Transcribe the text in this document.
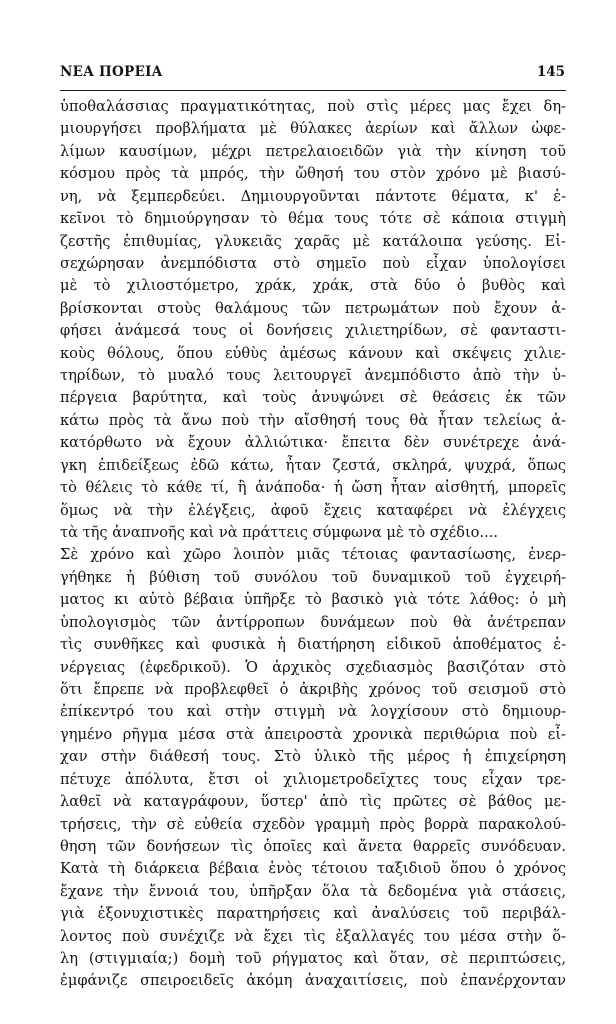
ΝΕΑ ΠΟΡΕΙΑ	145
ὑποθαλάσσιας πραγματικότητας, ποὺ στὶς μέρες μας ἔχει δη-
μιουργήσει προβλήματα μὲ θύλακες ἀερίων καὶ ἄλλων ὠφε-
λίμων καυσίμων, μέχρι πετρελαιοειδῶν γιὰ τὴν κίνηση τοῦ
κόσμου πρὸς τὰ μπρός, τὴν ὤθησή του στὸν χρόνο μὲ βιασύ-
νη, νὰ ξεμπερδεύει. Δημιουργοῦνται πάντοτε θέματα, κ' ἐ-
κεῖνοι τὸ δημιούργησαν τὸ θέμα τους τότε σὲ κάποια στιγμὴ
ζεστῆς ἐπιθυμίας, γλυκειᾶς χαρᾶς μὲ κατάλοιπα γεύσης. Εἰ-
σεχώρησαν ἀνεμπόδιστα στὸ σημεῖο ποὺ εἶχαν ὑπολογίσει
μὲ τὸ χιλιοστόμετρο, χράκ, χράκ, στὰ δύο ὁ βυθὸς καὶ
βρίσκονται στοὺς θαλάμους τῶν πετρωμάτων ποὺ ἔχουν ἀ-
φήσει ἀνάμεσά τους οἱ δονήσεις χιλιετηρίδων, σὲ φανταστι-
κοὺς θόλους, ὅπου εὐθὺς ἀμέσως κάνουν καὶ σκέψεις χιλιε-
τηρίδων, τὸ μυαλό τους λειτουργεῖ ἀνεμπόδιστο ἀπὸ τὴν ὑ-
πέργεια βαρύτητα, καὶ τοὺς ἀνυψώνει σὲ θεάσεις ἐκ τῶν
κάτω πρὸς τὰ ἄνω ποὺ τὴν αἴσθησή τους θὰ ἦταν τελείως ἀ-
κατόρθωτο νὰ ἔχουν ἀλλιώτικα· ἔπειτα δὲν συνέτρεχε ἀνά-
γκη ἐπιδείξεως ἐδῶ κάτω, ἦταν ζεστά, σκληρά, ψυχρά, ὅπως
τὸ θέλεις τὸ κάθε τί, ἢ ἀνάποδα· ἡ ὤση ἦταν αἰσθητή, μπορεῖς
ὅμως νὰ τὴν ἐλέγξεις, ἀφοῦ ἔχεις καταφέρει νὰ ἐλέγχεις
τὰ τῆς ἀναπνοῆς καὶ νὰ πράττεις σύμφωνα μὲ τὸ σχέδιο....
Σὲ χρόνο καὶ χῶρο λοιπὸν μιᾶς τέτοιας φαντασίωσης, ἐνερ-
γήθηκε ἡ βύθιση τοῦ συνόλου τοῦ δυναμικοῦ τοῦ ἐγχειρή-
ματος κι αὐτὸ βέβαια ὑπῆρξε τὸ βασικὸ γιὰ τότε λάθος: ὁ μὴ
ὑπολογισμὸς τῶν ἀντίρροπων δυνάμεων ποὺ θὰ ἀνέτρεπαν
τὶς συνθῆκες καὶ φυσικὰ ἡ διατήρηση εἰδικοῦ ἀποθέματος ἐ-
νέργειας (ἐφεδρικοῦ). Ὁ ἀρχικὸς σχεδιασμὸς βασιζόταν στὸ
ὅτι ἔπρεπε νὰ προβλεφθεῖ ὁ ἀκριβὴς χρόνος τοῦ σεισμοῦ στὸ
ἐπίκεντρό του καὶ στὴν στιγμὴ νὰ λογχίσουν στὸ δημιουρ-
γημένο ρῆγμα μέσα στὰ ἀπειροστὰ χρονικὰ περιθώρια ποὺ εἶ-
χαν στὴν διάθεσή τους. Στὸ ὑλικὸ τῆς μέρος ἡ ἐπιχείρηση
πέτυχε ἀπόλυτα, ἔτσι οἱ χιλιομετροδεῖχτες τους εἶχαν τρε-
λαθεῖ νὰ καταγράφουν, ὕστερ' ἀπὸ τὶς πρῶτες σὲ βάθος με-
τρήσεις, τὴν σὲ εὐθεία σχεδὸν γραμμὴ πρὸς βορρὰ παρακολού-
θηση τῶν δονήσεων τὶς ὁποῖες καὶ ἄνετα θαρρεῖς συνόδευαν.
Κατὰ τὴ διάρκεια βέβαια ἑνὸς τέτοιου ταξιδιοῦ ὅπου ὁ χρόνος
ἔχανε τὴν ἔννοιά του, ὑπῆρξαν ὅλα τὰ δεδομένα γιὰ στάσεις,
γιὰ ἐξονυχιστικὲς παρατηρήσεις καὶ ἀναλύσεις τοῦ περιβάλ-
λοντος ποὺ συνέχιζε νὰ ἔχει τὶς ἐξαλλαγές του μέσα στὴν ὅ-
λη (στιγμιαία;) δομὴ τοῦ ρήγματος καὶ ὅταν, σὲ περιπτώσεις,
ἐμφάνιζε σπειροειδεῖς ἀκόμη ἀναχαιτίσεις, ποὺ ἐπανέρχονταν
